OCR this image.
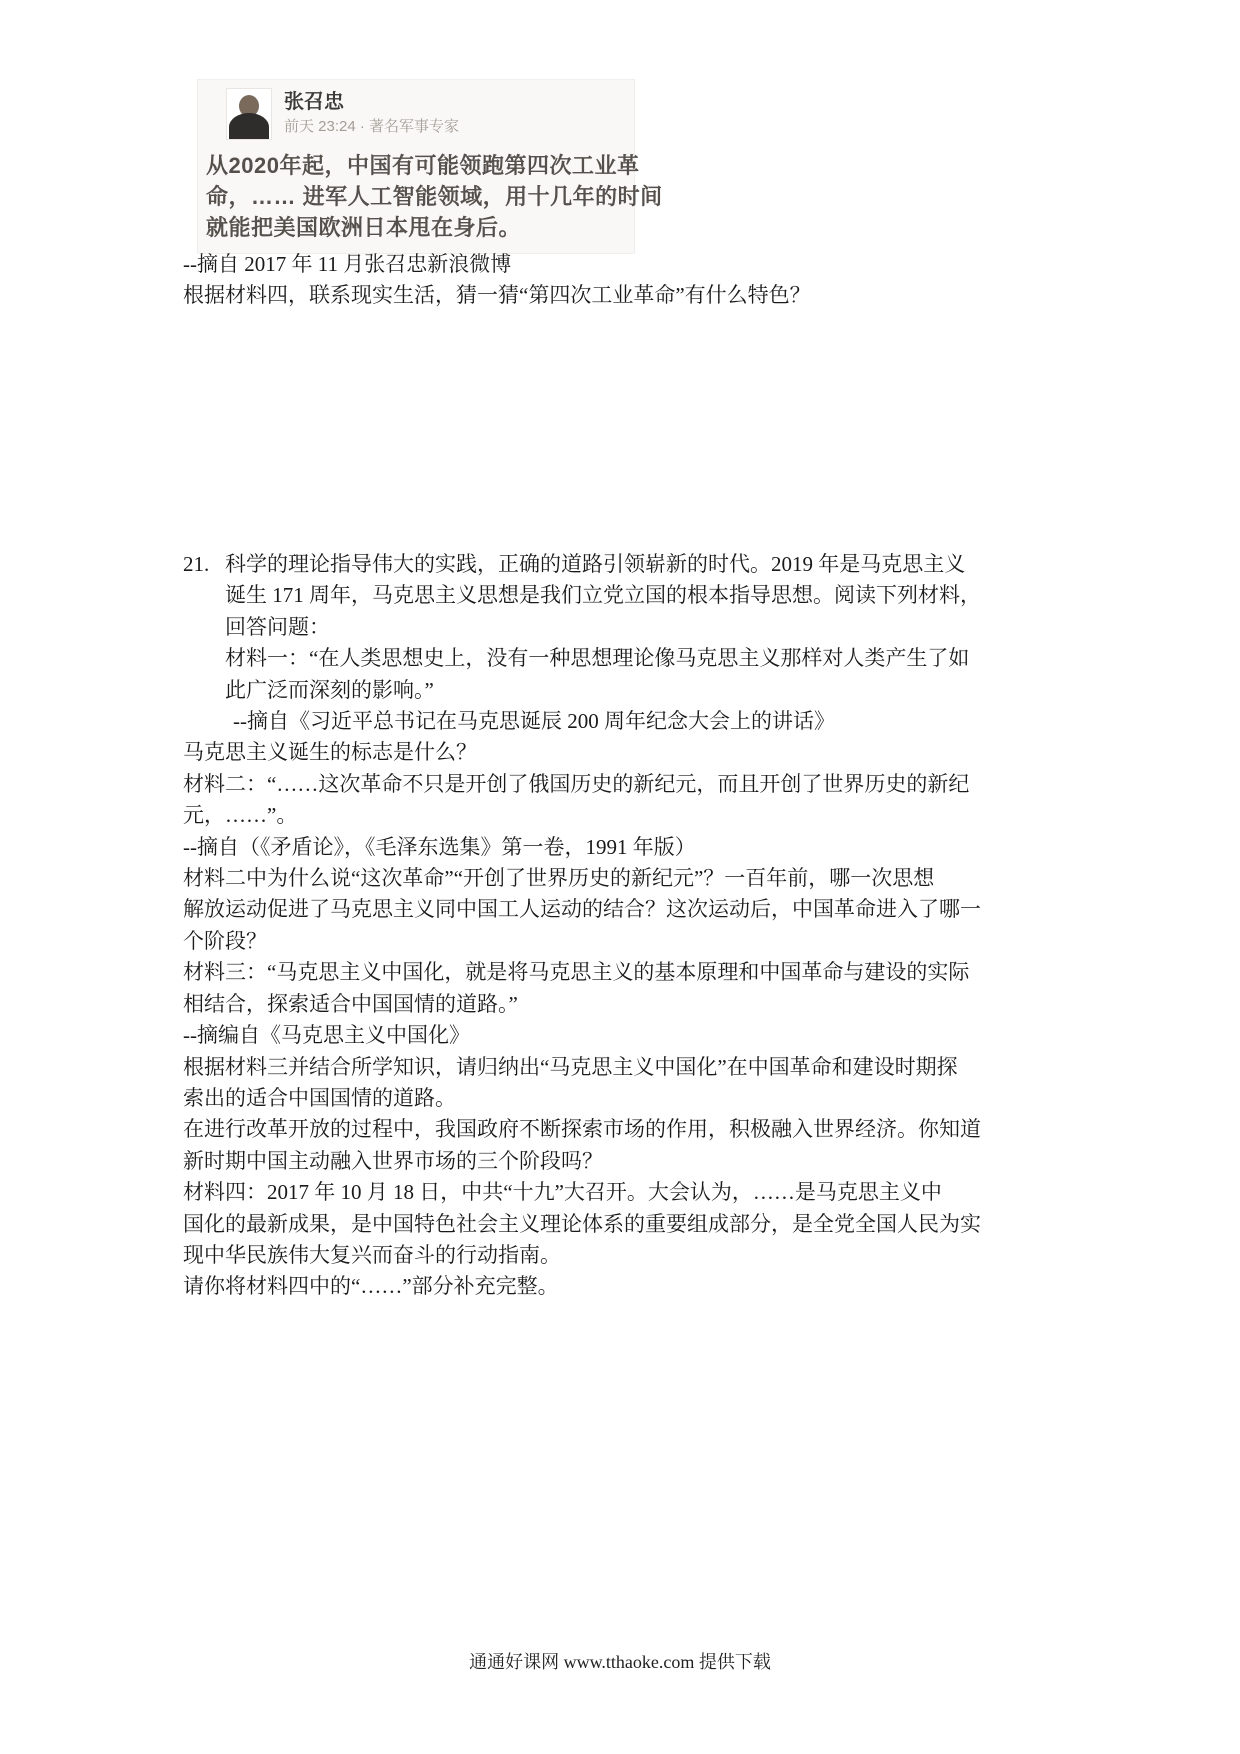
张召忠
前天 23:24 · 著名军事专家
从2020年起，中国有可能领跑第四次工业革
命，…… 进军人工智能领域，用十几年的时间
就能把美国欧洲日本甩在身后。
--摘自 2017 年 11 月张召忠新浪微博
根据材料四，联系现实生活，猜一猜“第四次工业革命”有什么特色？
21. 科学的理论指导伟大的实践，正确的道路引领崭新的时代。2019 年是马克思主义
诞生 171 周年，马克思主义思想是我们立党立国的根本指导思想。阅读下列材料，
回答问题：
材料一：“在人类思想史上，没有一种思想理论像马克思主义那样对人类产生了如
此广泛而深刻的影响。”
--摘自《习近平总书记在马克思诞辰 200 周年纪念大会上的讲话》
马克思主义诞生的标志是什么？
材料二：“……这次革命不只是开创了俄国历史的新纪元，而且开创了世界历史的新纪
元，……”。
--摘自（《矛盾论》，《毛泽东选集》第一卷，1991 年版）
材料二中为什么说“这次革命”“开创了世界历史的新纪元”？一百年前，哪一次思想
解放运动促进了马克思主义同中国工人运动的结合？这次运动后，中国革命进入了哪一
个阶段？
材料三：“马克思主义中国化，就是将马克思主义的基本原理和中国革命与建设的实际
相结合，探索适合中国国情的道路。”
--摘编自《马克思主义中国化》
根据材料三并结合所学知识，请归纳出“马克思主义中国化”在中国革命和建设时期探
索出的适合中国国情的道路。
在进行改革开放的过程中，我国政府不断探索市场的作用，积极融入世界经济。你知道
新时期中国主动融入世界市场的三个阶段吗？
材料四：2017 年 10 月 18 日，中共“十九”大召开。大会认为，……是马克思主义中
国化的最新成果，是中国特色社会主义理论体系的重要组成部分，是全党全国人民为实
现中华民族伟大复兴而奋斗的行动指南。
请你将材料四中的“……”部分补充完整。
通通好课网 www.tthaoke.com 提供下载
